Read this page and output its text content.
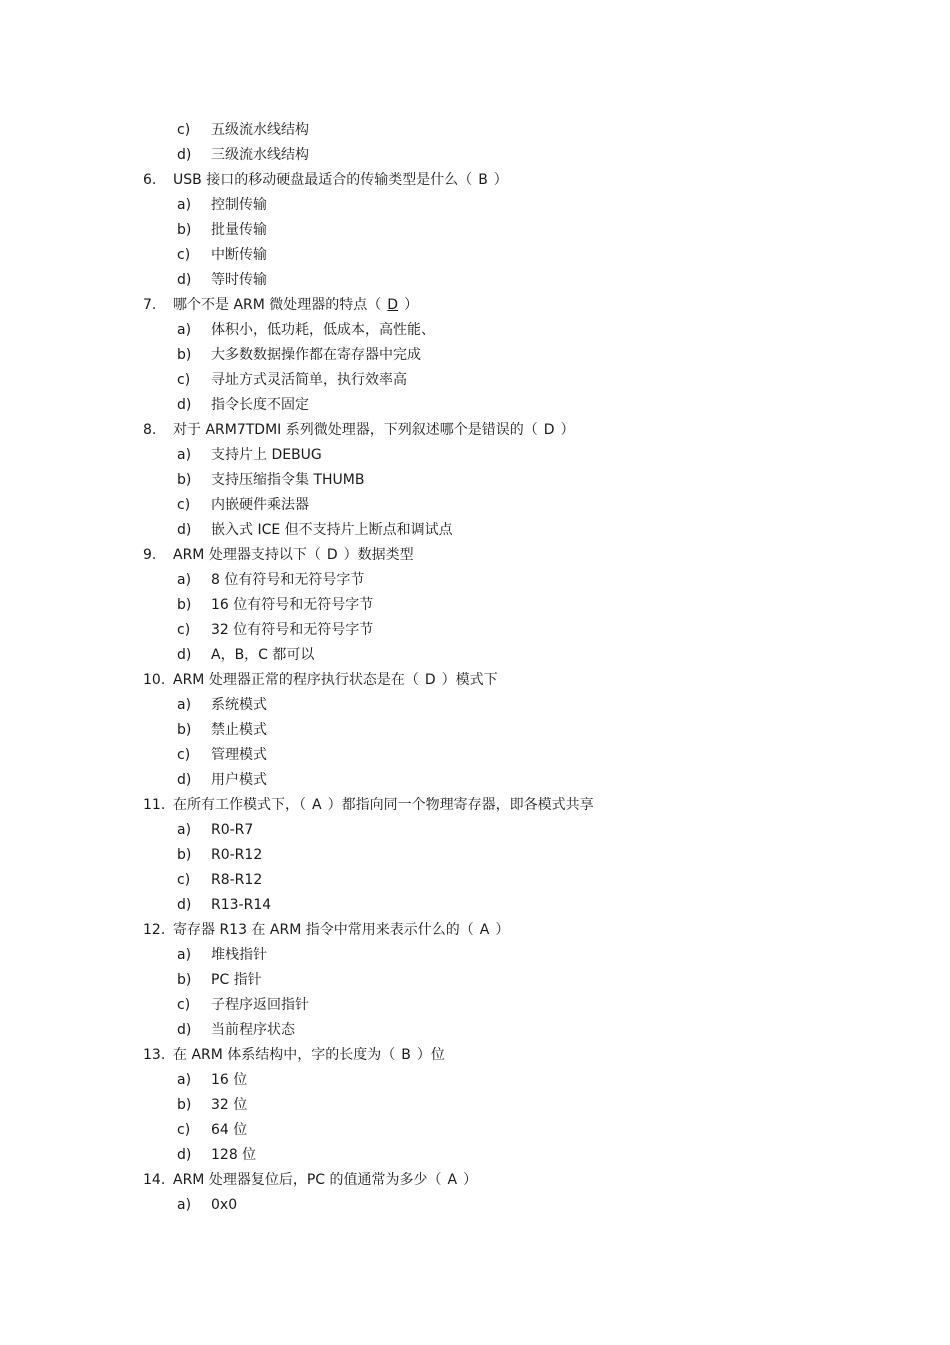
c) 五级流水线结构
d) 三级流水线结构
6. USB 接口的移动硬盘最适合的传输类型是什么（ B ）
a) 控制传输
b) 批量传输
c) 中断传输
d) 等时传输
7. 哪个不是 ARM 微处理器的特点（ D ）
a) 体积小，低功耗，低成本，高性能、
b) 大多数数据操作都在寄存器中完成
c) 寻址方式灵活简单，执行效率高
d) 指令长度不固定
8. 对于 ARM7TDMI 系列微处理器，下列叙述哪个是错误的（ D ）
a) 支持片上 DEBUG
b) 支持压缩指令集 THUMB
c) 内嵌硬件乘法器
d) 嵌入式 ICE 但不支持片上断点和调试点
9. ARM 处理器支持以下（ D ）数据类型
a) 8 位有符号和无符号字节
b) 16 位有符号和无符号字节
c) 32 位有符号和无符号字节
d) A，B，C 都可以
10. ARM 处理器正常的程序执行状态是在（ D ）模式下
a) 系统模式
b) 禁止模式
c) 管理模式
d) 用户模式
11. 在所有工作模式下，（ A ）都指向同一个物理寄存器，即各模式共享
a) R0-R7
b) R0-R12
c) R8-R12
d) R13-R14
12. 寄存器 R13 在 ARM 指令中常用来表示什么的（ A ）
a) 堆栈指针
b) PC 指针
c) 子程序返回指针
d) 当前程序状态
13. 在 ARM 体系结构中，字的长度为（ B ）位
a) 16 位
b) 32 位
c) 64 位
d) 128 位
14. ARM 处理器复位后，PC 的值通常为多少（ A ）
a) 0x0
